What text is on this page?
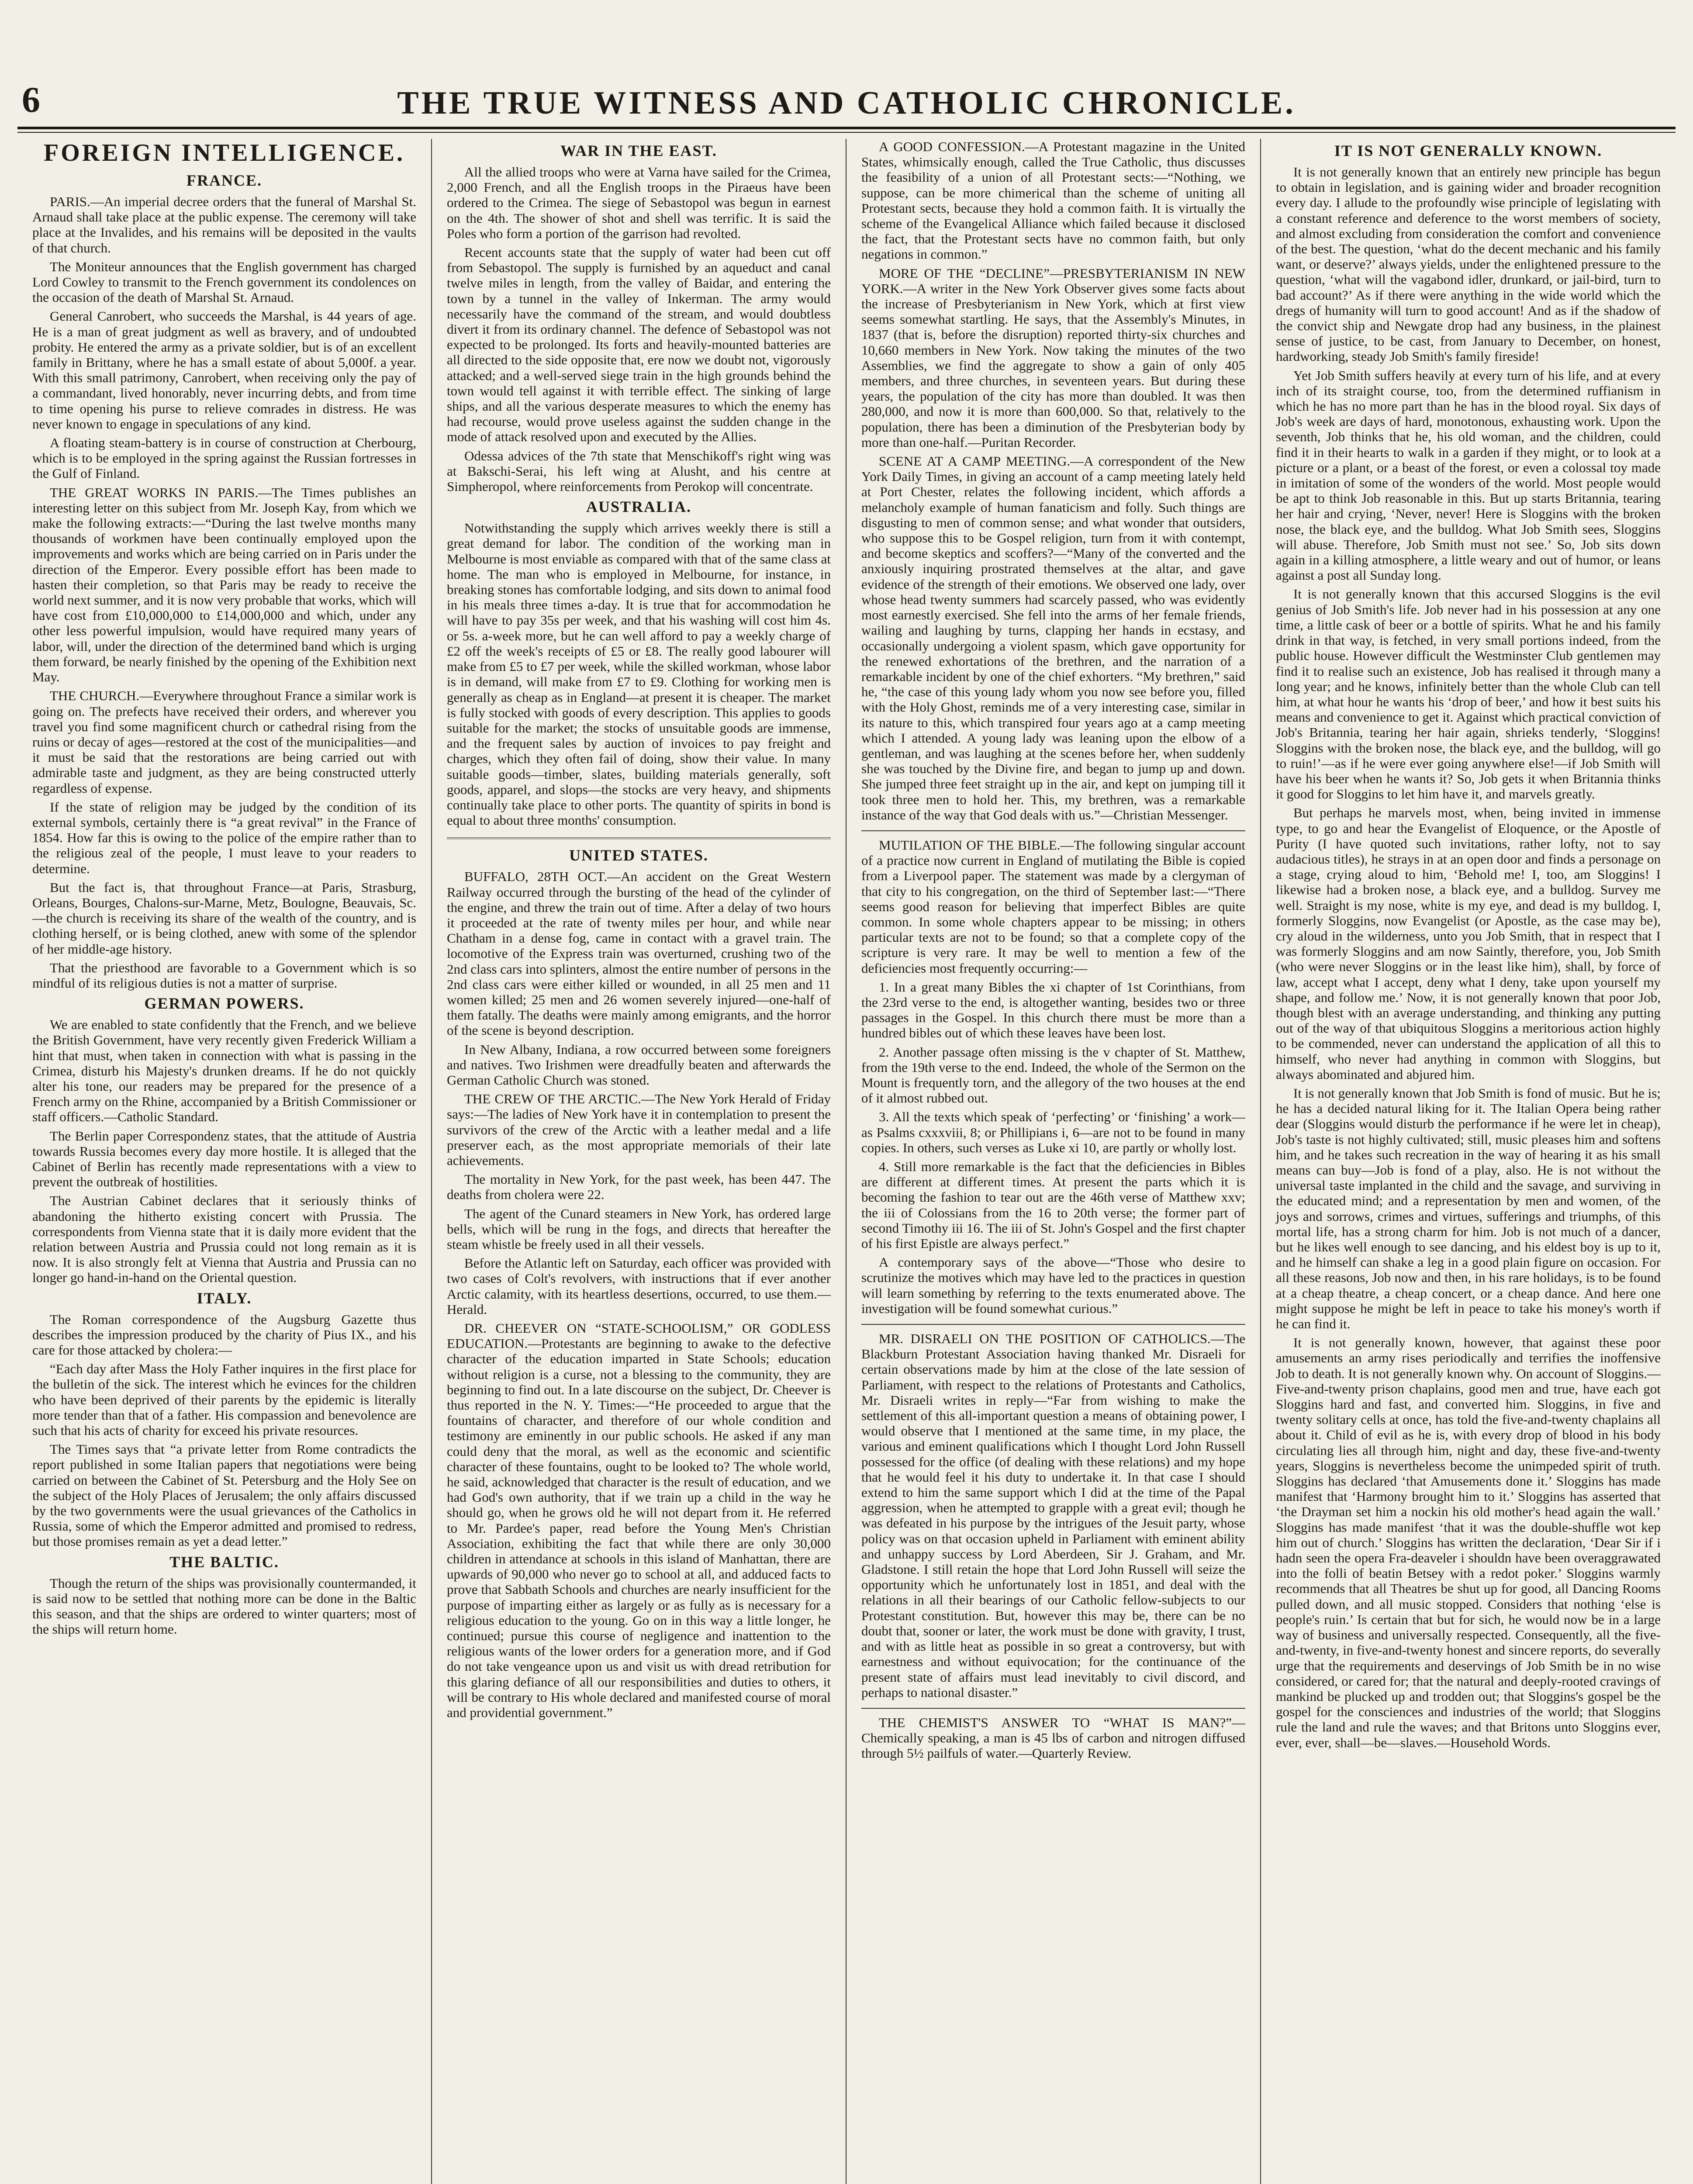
6	THE TRUE WITNESS AND CATHOLIC CHRONICLE.
FOREIGN INTELLIGENCE.
FRANCE.

PARIS.—An imperial decree orders that the funeral of Marshal St. Arnaud shall take place at the public expense. The ceremony will take place at the Invalides, and his remains will be deposited in the vaults of that church.

The Moniteur announces that the English government has charged Lord Cowley to transmit to the French government its condolences on the occasion of the death of Marshal St. Arnaud.

General Canrobert, who succeeds the Marshal, is 44 years of age. He is a man of great judgment as well as bravery, and of undoubted probity. He entered the army as a private soldier, but is of an excellent family in Brittany, where he has a small estate of about 5,000f. a year. With this small patrimony, Canrobert, when receiving only the pay of a commandant, lived honorably, never incurring debts, and from time to time opening his purse to relieve comrades in distress. He was never known to engage in speculations of any kind.

A floating steam-battery is in course of construction at Cherbourg, which is to be employed in the spring against the Russian fortresses in the Gulf of Finland.

THE GREAT WORKS IN PARIS.—The Times publishes an interesting letter on this subject from Mr. Joseph Kay, from which we make the following extracts:—“During the last twelve months many thousands of workmen have been continually employed upon the improvements and works which are being carried on in Paris under the direction of the Emperor. Every possible effort has been made to hasten their completion, so that Paris may be ready to receive the world next summer, and it is now very probable that works, which will have cost from £10,000,000 to £14,000,000 and which, under any other less powerful impulsion, would have required many years of labor, will, under the direction of the determined band which is urging them forward, be nearly finished by the opening of the Exhibition next May.

THE CHURCH.—Everywhere throughout France a similar work is going on. The prefects have received their orders, and wherever you travel you find some magnificent church or cathedral rising from the ruins or decay of ages—restored at the cost of the municipalities—and it must be said that the restorations are being carried out with admirable taste and judgment, as they are being constructed utterly regardless of expense.

If the state of religion may be judged by the condition of its external symbols, certainly there is “a great revival” in the France of 1854. How far this is owing to the police of the empire rather than to the religious zeal of the people, I must leave to your readers to determine.

But the fact is, that throughout France—at Paris, Strasburg, Orleans, Bourges, Chalons-sur-Marne, Metz, Boulogne, Beauvais, Sc.—the church is receiving its share of the wealth of the country, and is clothing herself, or is being clothed, anew with some of the splendor of her middle-age history.

That the priesthood are favorable to a Government which is so mindful of its religious duties is not a matter of surprise.

GERMAN POWERS.

We are enabled to state confidently that the French, and we believe the British Government, have very recently given Frederick William a hint that must, when taken in connection with what is passing in the Crimea, disturb his Majesty's drunken dreams. If he do not quickly alter his tone, our readers may be prepared for the presence of a French army on the Rhine, accompanied by a British Commissioner or staff officers.—Catholic Standard.

The Berlin paper Correspondenz states, that the attitude of Austria towards Russia becomes every day more hostile. It is alleged that the Cabinet of Berlin has recently made representations with a view to prevent the outbreak of hostilities.

The Austrian Cabinet declares that it seriously thinks of abandoning the hitherto existing concert with Prussia. The correspondents from Vienna state that it is daily more evident that the relation between Austria and Prussia could not long remain as it is now. It is also strongly felt at Vienna that Austria and Prussia can no longer go hand-in-hand on the Oriental question.

ITALY.

The Roman correspondence of the Augsburg Gazette thus describes the impression produced by the charity of Pius IX., and his care for those attacked by cholera:—

“Each day after Mass the Holy Father inquires in the first place for the bulletin of the sick. The interest which he evinces for the children who have been deprived of their parents by the epidemic is literally more tender than that of a father. His compassion and benevolence are such that his acts of charity for exceed his private resources.

The Times says that “a private letter from Rome contradicts the report published in some Italian papers that negotiations were being carried on between the Cabinet of St. Petersburg and the Holy See on the subject of the Holy Places of Jerusalem; the only affairs discussed by the two governments were the usual grievances of the Catholics in Russia, some of which the Emperor admitted and promised to redress, but those promises remain as yet a dead letter.”

THE BALTIC.

Though the return of the ships was provisionally countermanded, it is said now to be settled that nothing more can be done in the Baltic this season, and that the ships are ordered to winter quarters; most of the ships will return home.

WAR IN THE EAST.

All the allied troops who were at Varna have sailed for the Crimea, 2,000 French, and all the English troops in the Piraeus have been ordered to the Crimea. The siege of Sebastopol was begun in earnest on the 4th. The shower of shot and shell was terrific. It is said the Poles who form a portion of the garrison had revolted.

Recent accounts state that the supply of water had been cut off from Sebastopol. The supply is furnished by an aqueduct and canal twelve miles in length, from the valley of Baidar, and entering the town by a tunnel in the valley of Inkerman. The army would necessarily have the command of the stream, and would doubtless divert it from its ordinary channel. The defence of Sebastopol was not expected to be prolonged. Its forts and heavily-mounted batteries are all directed to the side opposite that, ere now we doubt not, vigorously attacked; and a well-served siege train in the high grounds behind the town would tell against it with terrible effect. The sinking of large ships, and all the various desperate measures to which the enemy has had recourse, would prove useless against the sudden change in the mode of attack resolved upon and executed by the Allies.

Odessa advices of the 7th state that Menschikoff's right wing was at Bakschi-Serai, his left wing at Alusht, and his centre at Simpheropol, where reinforcements from Perokop will concentrate.

AUSTRALIA.

Notwithstanding the supply which arrives weekly there is still a great demand for labor. The condition of the working man in Melbourne is most enviable as compared with that of the same class at home. The man who is employed in Melbourne, for instance, in breaking stones has comfortable lodging, and sits down to animal food in his meals three times a-day. It is true that for accommodation he will have to pay 35s per week, and that his washing will cost him 4s. or 5s. a-week more, but he can well afford to pay a weekly charge of £2 off the week's receipts of £5 or £8. The really good labourer will make from £5 to £7 per week, while the skilled workman, whose labor is in demand, will make from £7 to £9. Clothing for working men is generally as cheap as in England—at present it is cheaper. The market is fully stocked with goods of every description. This applies to goods suitable for the market; the stocks of unsuitable goods are immense, and the frequent sales by auction of invoices to pay freight and charges, which they often fail of doing, show their value. In many suitable goods—timber, slates, building materials generally, soft goods, apparel, and slops—the stocks are very heavy, and shipments continually take place to other ports. The quantity of spirits in bond is equal to about three months' consumption.

UNITED STATES.

BUFFALO, 28TH OCT.—An accident on the Great Western Railway occurred through the bursting of the head of the cylinder of the engine, and threw the train out of time. After a delay of two hours it proceeded at the rate of twenty miles per hour, and while near Chatham in a dense fog, came in contact with a gravel train. The locomotive of the Express train was overturned, crushing two of the 2nd class cars into splinters, almost the entire number of persons in the 2nd class cars were either killed or wounded, in all 25 men and 11 women killed; 25 men and 26 women severely injured—one-half of them fatally. The deaths were mainly among emigrants, and the horror of the scene is beyond description.

In New Albany, Indiana, a row occurred between some foreigners and natives. Two Irishmen were dreadfully beaten and afterwards the German Catholic Church was stoned.

THE CREW OF THE ARCTIC.—The New York Herald of Friday says:—The ladies of New York have it in contemplation to present the survivors of the crew of the Arctic with a leather medal and a life preserver each, as the most appropriate memorials of their late achievements.

The mortality in New York, for the past week, has been 447. The deaths from cholera were 22.

The agent of the Cunard steamers in New York, has ordered large bells, which will be rung in the fogs, and directs that hereafter the steam whistle be freely used in all their vessels.

Before the Atlantic left on Saturday, each officer was provided with two cases of Colt's revolvers, with instructions that if ever another Arctic calamity, with its heartless desertions, occurred, to use them.—Herald.

DR. CHEEVER ON “STATE-SCHOOLISM,” OR GODLESS EDUCATION.—Protestants are beginning to awake to the defective character of the education imparted in State Schools; education without religion is a curse, not a blessing to the community, they are beginning to find out. In a late discourse on the subject, Dr. Cheever is thus reported in the N. Y. Times:—“He proceeded to argue that the fountains of character, and therefore of our whole condition and testimony are eminently in our public schools. He asked if any man could deny that the moral, as well as the economic and scientific character of these fountains, ought to be looked to? The whole world, he said, acknowledged that character is the result of education, and we had God's own authority, that if we train up a child in the way he should go, when he grows old he will not depart from it. He referred to Mr. Pardee's paper, read before the Young Men's Christian Association, exhibiting the fact that while there are only 30,000 children in attendance at schools in this island of Manhattan, there are upwards of 90,000 who never go to school at all, and adduced facts to prove that Sabbath Schools and churches are nearly insufficient for the purpose of imparting either as largely or as fully as is necessary for a religious education to the young. Go on in this way a little longer, he continued; pursue this course of negligence and inattention to the religious wants of the lower orders for a generation more, and if God do not take vengeance upon us and visit us with dread retribution for this glaring defiance of all our responsibilities and duties to others, it will be contrary to His whole declared and manifested course of moral and providential government.”

A GOOD CONFESSION.—A Protestant magazine in the United States, whimsically enough, called the True Catholic, thus discusses the feasibility of a union of all Protestant sects:—“Nothing, we suppose, can be more chimerical than the scheme of uniting all Protestant sects, because they hold a common faith. It is virtually the scheme of the Evangelical Alliance which failed because it disclosed the fact, that the Protestant sects have no common faith, but only negations in common.”

MORE OF THE “DECLINE”—PRESBYTERIANISM IN NEW YORK.—A writer in the New York Observer gives some facts about the increase of Presbyterianism in New York, which at first view seems somewhat startling. He says, that the Assembly's Minutes, in 1837 (that is, before the disruption) reported thirty-six churches and 10,660 members in New York. Now taking the minutes of the two Assemblies, we find the aggregate to show a gain of only 405 members, and three churches, in seventeen years. But during these years, the population of the city has more than doubled. It was then 280,000, and now it is more than 600,000. So that, relatively to the population, there has been a diminution of the Presbyterian body by more than one-half.—Puritan Recorder.

SCENE AT A CAMP MEETING.—A correspondent of the New York Daily Times, in giving an account of a camp meeting lately held at Port Chester, relates the following incident, which affords a melancholy example of human fanaticism and folly. Such things are disgusting to men of common sense; and what wonder that outsiders, who suppose this to be Gospel religion, turn from it with contempt, and become skeptics and scoffers?—“Many of the converted and the anxiously inquiring prostrated themselves at the altar, and gave evidence of the strength of their emotions. We observed one lady, over whose head twenty summers had scarcely passed, who was evidently most earnestly exercised. She fell into the arms of her female friends, wailing and laughing by turns, clapping her hands in ecstasy, and occasionally undergoing a violent spasm, which gave opportunity for the renewed exhortations of the brethren, and the narration of a remarkable incident by one of the chief exhorters. “My brethren,” said he, “the case of this young lady whom you now see before you, filled with the Holy Ghost, reminds me of a very interesting case, similar in its nature to this, which transpired four years ago at a camp meeting which I attended. A young lady was leaning upon the elbow of a gentleman, and was laughing at the scenes before her, when suddenly she was touched by the Divine fire, and began to jump up and down. She jumped three feet straight up in the air, and kept on jumping till it took three men to hold her. This, my brethren, was a remarkable instance of the way that God deals with us.”—Christian Messenger.

MUTILATION OF THE BIBLE.—The following singular account of a practice now current in England of mutilating the Bible is copied from a Liverpool paper. The statement was made by a clergyman of that city to his congregation, on the third of September last:—“There seems good reason for believing that imperfect Bibles are quite common. In some whole chapters appear to be missing; in others particular texts are not to be found; so that a complete copy of the scripture is very rare. It may be well to mention a few of the deficiencies most frequently occurring:—

1. In a great many Bibles the xi chapter of 1st Corinthians, from the 23rd verse to the end, is altogether wanting, besides two or three passages in the Gospel. In this church there must be more than a hundred bibles out of which these leaves have been lost.

2. Another passage often missing is the v chapter of St. Matthew, from the 19th verse to the end. Indeed, the whole of the Sermon on the Mount is frequently torn, and the allegory of the two houses at the end of it almost rubbed out.

3. All the texts which speak of ‘perfecting’ or ‘finishing’ a work—as Psalms cxxxviii, 8; or Phillipians i, 6—are not to be found in many copies. In others, such verses as Luke xi 10, are partly or wholly lost.

4. Still more remarkable is the fact that the deficiencies in Bibles are different at different times. At present the parts which it is becoming the fashion to tear out are the 46th verse of Matthew xxv; the iii of Colossians from the 16 to 20th verse; the former part of second Timothy iii 16. The iii of St. John's Gospel and the first chapter of his first Epistle are always perfect.”

A contemporary says of the above—“Those who desire to scrutinize the motives which may have led to the practices in question will learn something by referring to the texts enumerated above. The investigation will be found somewhat curious.”

MR. DISRAELI ON THE POSITION OF CATHOLICS.—The Blackburn Protestant Association having thanked Mr. Disraeli for certain observations made by him at the close of the late session of Parliament, with respect to the relations of Protestants and Catholics, Mr. Disraeli writes in reply—“Far from wishing to make the settlement of this all-important question a means of obtaining power, I would observe that I mentioned at the same time, in my place, the various and eminent qualifications which I thought Lord John Russell possessed for the office (of dealing with these relations) and my hope that he would feel it his duty to undertake it. In that case I should extend to him the same support which I did at the time of the Papal aggression, when he attempted to grapple with a great evil; though he was defeated in his purpose by the intrigues of the Jesuit party, whose policy was on that occasion upheld in Parliament with eminent ability and unhappy success by Lord Aberdeen, Sir J. Graham, and Mr. Gladstone. I still retain the hope that Lord John Russell will seize the opportunity which he unfortunately lost in 1851, and deal with the relations in all their bearings of our Catholic fellow-subjects to our Protestant constitution. But, however this may be, there can be no doubt that, sooner or later, the work must be done with gravity, I trust, and with as little heat as possible in so great a controversy, but with earnestness and without equivocation; for the continuance of the present state of affairs must lead inevitably to civil discord, and perhaps to national disaster.”

THE CHEMIST'S ANSWER TO “WHAT IS MAN?”—Chemically speaking, a man is 45 lbs of carbon and nitrogen diffused through 5½ pailfuls of water.—Quarterly Review.

IT IS NOT GENERALLY KNOWN.

It is not generally known that an entirely new principle has begun to obtain in legislation, and is gaining wider and broader recognition every day. I allude to the profoundly wise principle of legislating with a constant reference and deference to the worst members of society, and almost excluding from consideration the comfort and convenience of the best. The question, ‘what do the decent mechanic and his family want, or deserve?’ always yields, under the enlightened pressure to the question, ‘what will the vagabond idler, drunkard, or jail-bird, turn to bad account?’ As if there were anything in the wide world which the dregs of humanity will turn to good account! And as if the shadow of the convict ship and Newgate drop had any business, in the plainest sense of justice, to be cast, from January to December, on honest, hardworking, steady Job Smith's family fireside!

Yet Job Smith suffers heavily at every turn of his life, and at every inch of its straight course, too, from the determined ruffianism in which he has no more part than he has in the blood royal. Six days of Job's week are days of hard, monotonous, exhausting work. Upon the seventh, Job thinks that he, his old woman, and the children, could find it in their hearts to walk in a garden if they might, or to look at a picture or a plant, or a beast of the forest, or even a colossal toy made in imitation of some of the wonders of the world. Most people would be apt to think Job reasonable in this. But up starts Britannia, tearing her hair and crying, ‘Never, never! Here is Sloggins with the broken nose, the black eye, and the bulldog. What Job Smith sees, Sloggins will abuse. Therefore, Job Smith must not see.’ So, Job sits down again in a killing atmosphere, a little weary and out of humor, or leans against a post all Sunday long.

It is not generally known that this accursed Sloggins is the evil genius of Job Smith's life. Job never had in his possession at any one time, a little cask of beer or a bottle of spirits. What he and his family drink in that way, is fetched, in very small portions indeed, from the public house. However difficult the Westminster Club gentlemen may find it to realise such an existence, Job has realised it through many a long year; and he knows, infinitely better than the whole Club can tell him, at what hour he wants his ‘drop of beer,’ and how it best suits his means and convenience to get it. Against which practical conviction of Job's Britannia, tearing her hair again, shrieks tenderly, ‘Sloggins! Sloggins with the broken nose, the black eye, and the bulldog, will go to ruin!’—as if he were ever going anywhere else!—if Job Smith will have his beer when he wants it? So, Job gets it when Britannia thinks it good for Sloggins to let him have it, and marvels greatly.

But perhaps he marvels most, when, being invited in immense type, to go and hear the Evangelist of Eloquence, or the Apostle of Purity (I have quoted such invitations, rather lofty, not to say audacious titles), he strays in at an open door and finds a personage on a stage, crying aloud to him, ‘Behold me! I, too, am Sloggins! I likewise had a broken nose, a black eye, and a bulldog. Survey me well. Straight is my nose, white is my eye, and dead is my bulldog. I, formerly Sloggins, now Evangelist (or Apostle, as the case may be), cry aloud in the wilderness, unto you Job Smith, that in respect that I was formerly Sloggins and am now Saintly, therefore, you, Job Smith (who were never Sloggins or in the least like him), shall, by force of law, accept what I accept, deny what I deny, take upon yourself my shape, and follow me.’ Now, it is not generally known that poor Job, though blest with an average understanding, and thinking any putting out of the way of that ubiquitous Sloggins a meritorious action highly to be commended, never can understand the application of all this to himself, who never had anything in common with Sloggins, but always abominated and abjured him.

It is not generally known that Job Smith is fond of music. But he is; he has a decided natural liking for it. The Italian Opera being rather dear (Sloggins would disturb the performance if he were let in cheap), Job's taste is not highly cultivated; still, music pleases him and softens him, and he takes such recreation in the way of hearing it as his small means can buy—Job is fond of a play, also. He is not without the universal taste implanted in the child and the savage, and surviving in the educated mind; and a representation by men and women, of the joys and sorrows, crimes and virtues, sufferings and triumphs, of this mortal life, has a strong charm for him. Job is not much of a dancer, but he likes well enough to see dancing, and his eldest boy is up to it, and he himself can shake a leg in a good plain figure on occasion. For all these reasons, Job now and then, in his rare holidays, is to be found at a cheap theatre, a cheap concert, or a cheap dance. And here one might suppose he might be left in peace to take his money's worth if he can find it.

It is not generally known, however, that against these poor amusements an army rises periodically and terrifies the inoffensive Job to death. It is not generally known why. On account of Sloggins.—Five-and-twenty prison chaplains, good men and true, have each got Sloggins hard and fast, and converted him. Sloggins, in five and twenty solitary cells at once, has told the five-and-twenty chaplains all about it. Child of evil as he is, with every drop of blood in his body circulating lies all through him, night and day, these five-and-twenty years, Sloggins is nevertheless become the unimpeded spirit of truth. Sloggins has declared ‘that Amusements done it.’ Sloggins has made manifest that ‘Harmony brought him to it.’ Sloggins has asserted that ‘the Drayman set him a nockin his old mother's head again the wall.’ Sloggins has made manifest ‘that it was the double-shuffle wot kep him out of church.’ Sloggins has written the declaration, ‘Dear Sir if i hadn seen the opera Fra-deaveler i shouldn have been overaggrawated into the folli of beatin Betsey with a redot poker.’ Sloggins warmly recommends that all Theatres be shut up for good, all Dancing Rooms pulled down, and all music stopped. Considers that nothing ‘else is people's ruin.’ Is certain that but for sich, he would now be in a large way of business and universally respected. Consequently, all the five-and-twenty, in five-and-twenty honest and sincere reports, do severally urge that the requirements and deservings of Job Smith be in no wise considered, or cared for; that the natural and deeply-rooted cravings of mankind be plucked up and trodden out; that Sloggins's gospel be the gospel for the consciences and industries of the world; that Sloggins rule the land and rule the waves; and that Britons unto Sloggins ever, ever, ever, shall—be—slaves.—Household Words.
